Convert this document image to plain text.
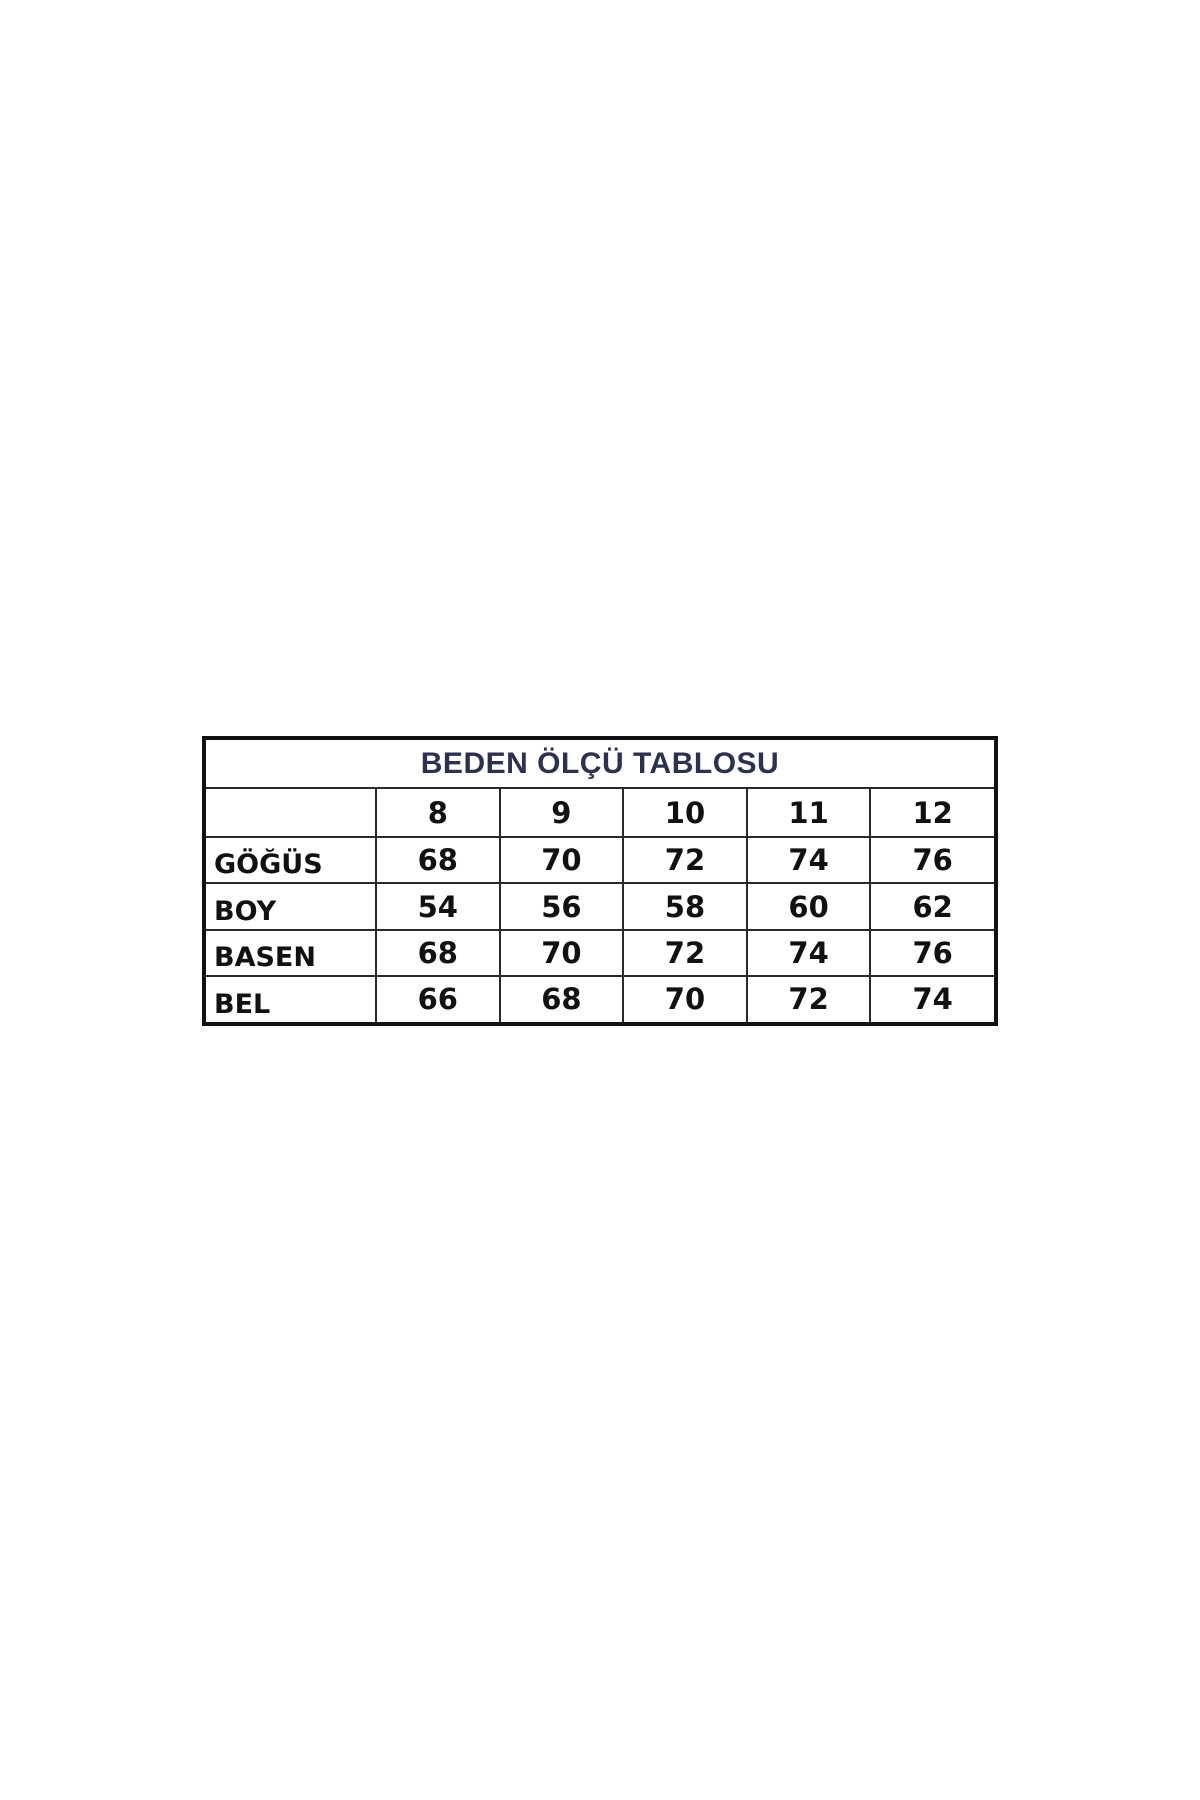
BEDEN ÖLÇÜ TABLOSU					
	8	9	10	11	12
GÖĞÜS	68	70	72	74	76
BOY	54	56	58	60	62
BASEN	68	70	72	74	76
BEL	66	68	70	72	74
